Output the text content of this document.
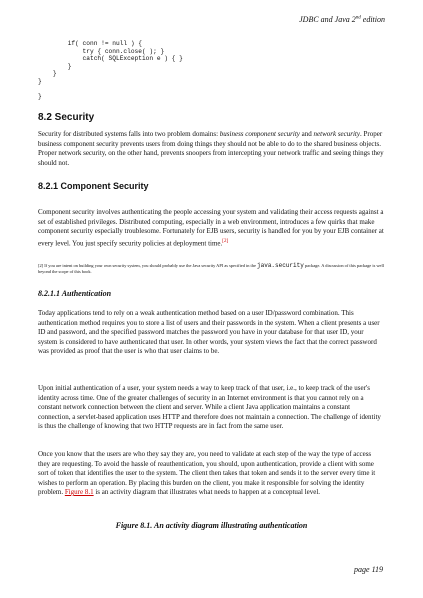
JDBC and Java 2nd edition
if( conn != null ) {
try { conn.close( ); }
catch( SQLException e ) { }
}
}
}

}
8.2 Security

Security for distributed systems falls into two problem domains: business component security and network security. Proper business component security prevents users from doing things they should not be able to do to the shared business objects. Proper network security, on the other hand, prevents snoopers from intercepting your network traffic and seeing things they should not.

8.2.1 Component Security

Component security involves authenticating the people accessing your system and validating their access requests against a set of established privileges. Distributed computing, especially in a web environment, introduces a few quirks that make component security especially troublesome. Fortunately for EJB users, security is handled for you by your EJB container at every level. You just specify security policies at deployment time.[2]

[2] If you are intent on building your own security system, you should probably use the Java security API as specified in the java.security package. A discussion of this package is well beyond the scope of this book.
8.2.1.1 Authentication

Today applications tend to rely on a weak authentication method based on a user ID/password combination. This authentication method requires you to store a list of users and their passwords in the system. When a client presents a user ID and password, and the specified password matches the password you have in your database for that user ID, your system is considered to have authenticated that user. In other words, your system views the fact that the correct password was provided as proof that the user is who that user claims to be.

Upon initial authentication of a user, your system needs a way to keep track of that user, i.e., to keep track of the user's identity across time. One of the greater challenges of security in an Internet environment is that you cannot rely on a constant network connection between the client and server. While a client Java application maintains a constant connection, a servlet-based application uses HTTP and therefore does not maintain a connection. The challenge of identity is thus the challenge of knowing that two HTTP requests are in fact from the same user.

Once you know that the users are who they say they are, you need to validate at each step of the way the type of access they are requesting. To avoid the hassle of reauthentication, you should, upon authentication, provide a client with some sort of token that identifies the user to the system. The client then takes that token and sends it to the server every time it wishes to perform an operation. By placing this burden on the client, you make it responsible for solving the identity problem. Figure 8.1 is an activity diagram that illustrates what needs to happen at a conceptual level.

Figure 8.1. An activity diagram illustrating authentication
page 119
